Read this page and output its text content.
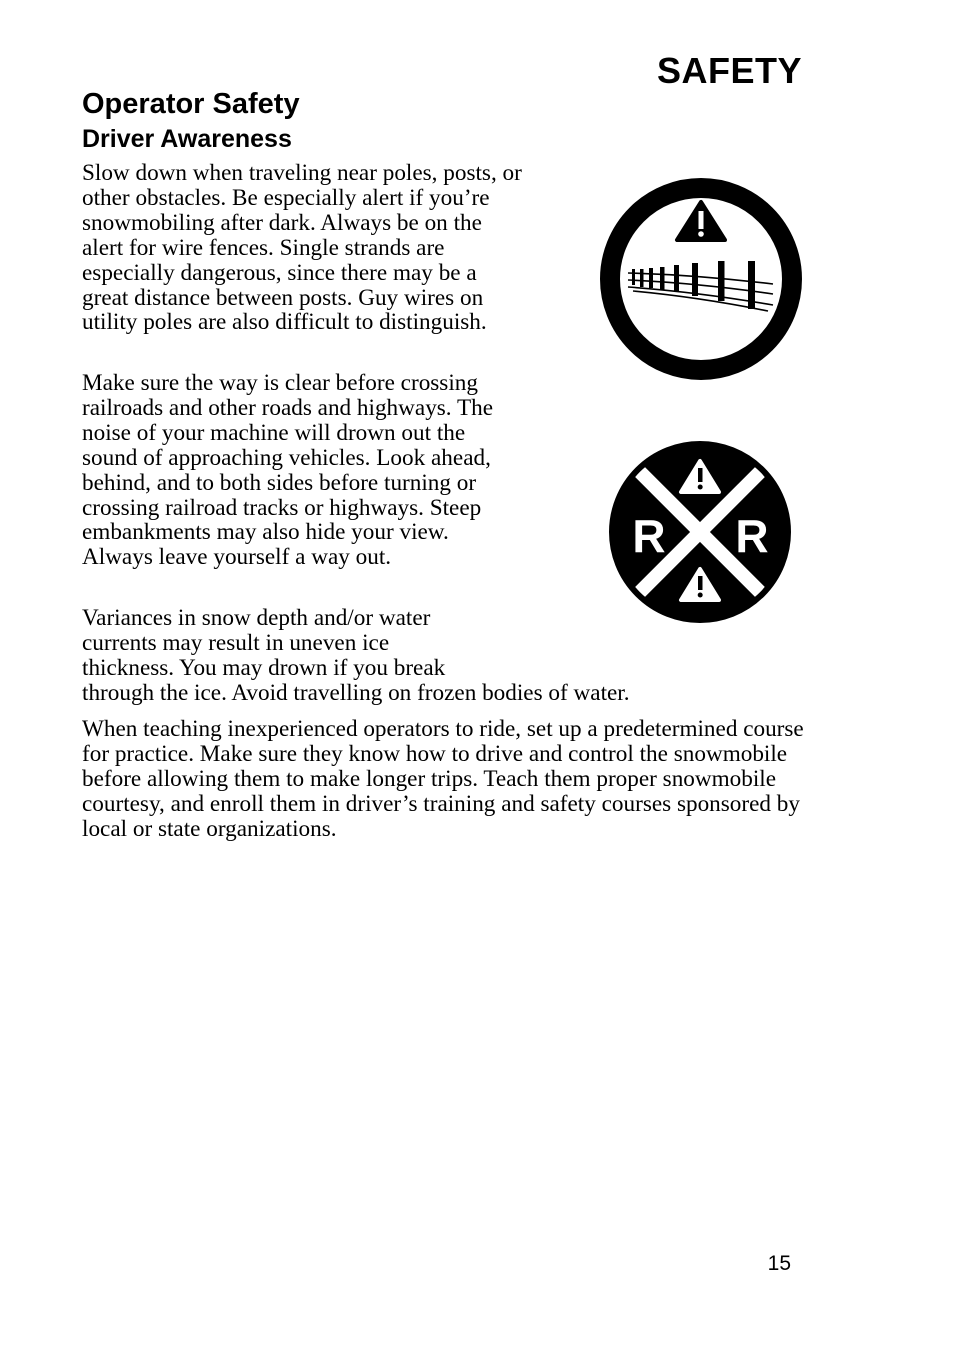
SAFETY
Operator Safety
Driver Awareness

Slow down when traveling near poles, posts, or other obstacles. Be especially alert if you’re snowmobiling after dark. Always be on the alert for wire fences. Single strands are especially dangerous, since there may be a great distance between posts. Guy wires on utility poles are also difficult to distinguish.

Make sure the way is clear before crossing railroads and other roads and highways. The noise of your machine will drown out the sound of approaching vehicles. Look ahead, behind, and to both sides before turning or crossing railroad tracks or highways. Steep embankments may also hide your view. Always leave yourself a way out.

Variances in snow depth and/or water
currents may result in uneven ice
thickness. You may drown if you break
through the ice. Avoid travelling on frozen bodies of water.

When teaching inexperienced operators to ride, set up a predetermined course for practice. Make sure they know how to drive and control the snowmobile before allowing them to make longer trips. Teach them proper snowmobile courtesy, and enroll them in driver’s training and safety courses sponsored by local or state organizations.

R R

15
